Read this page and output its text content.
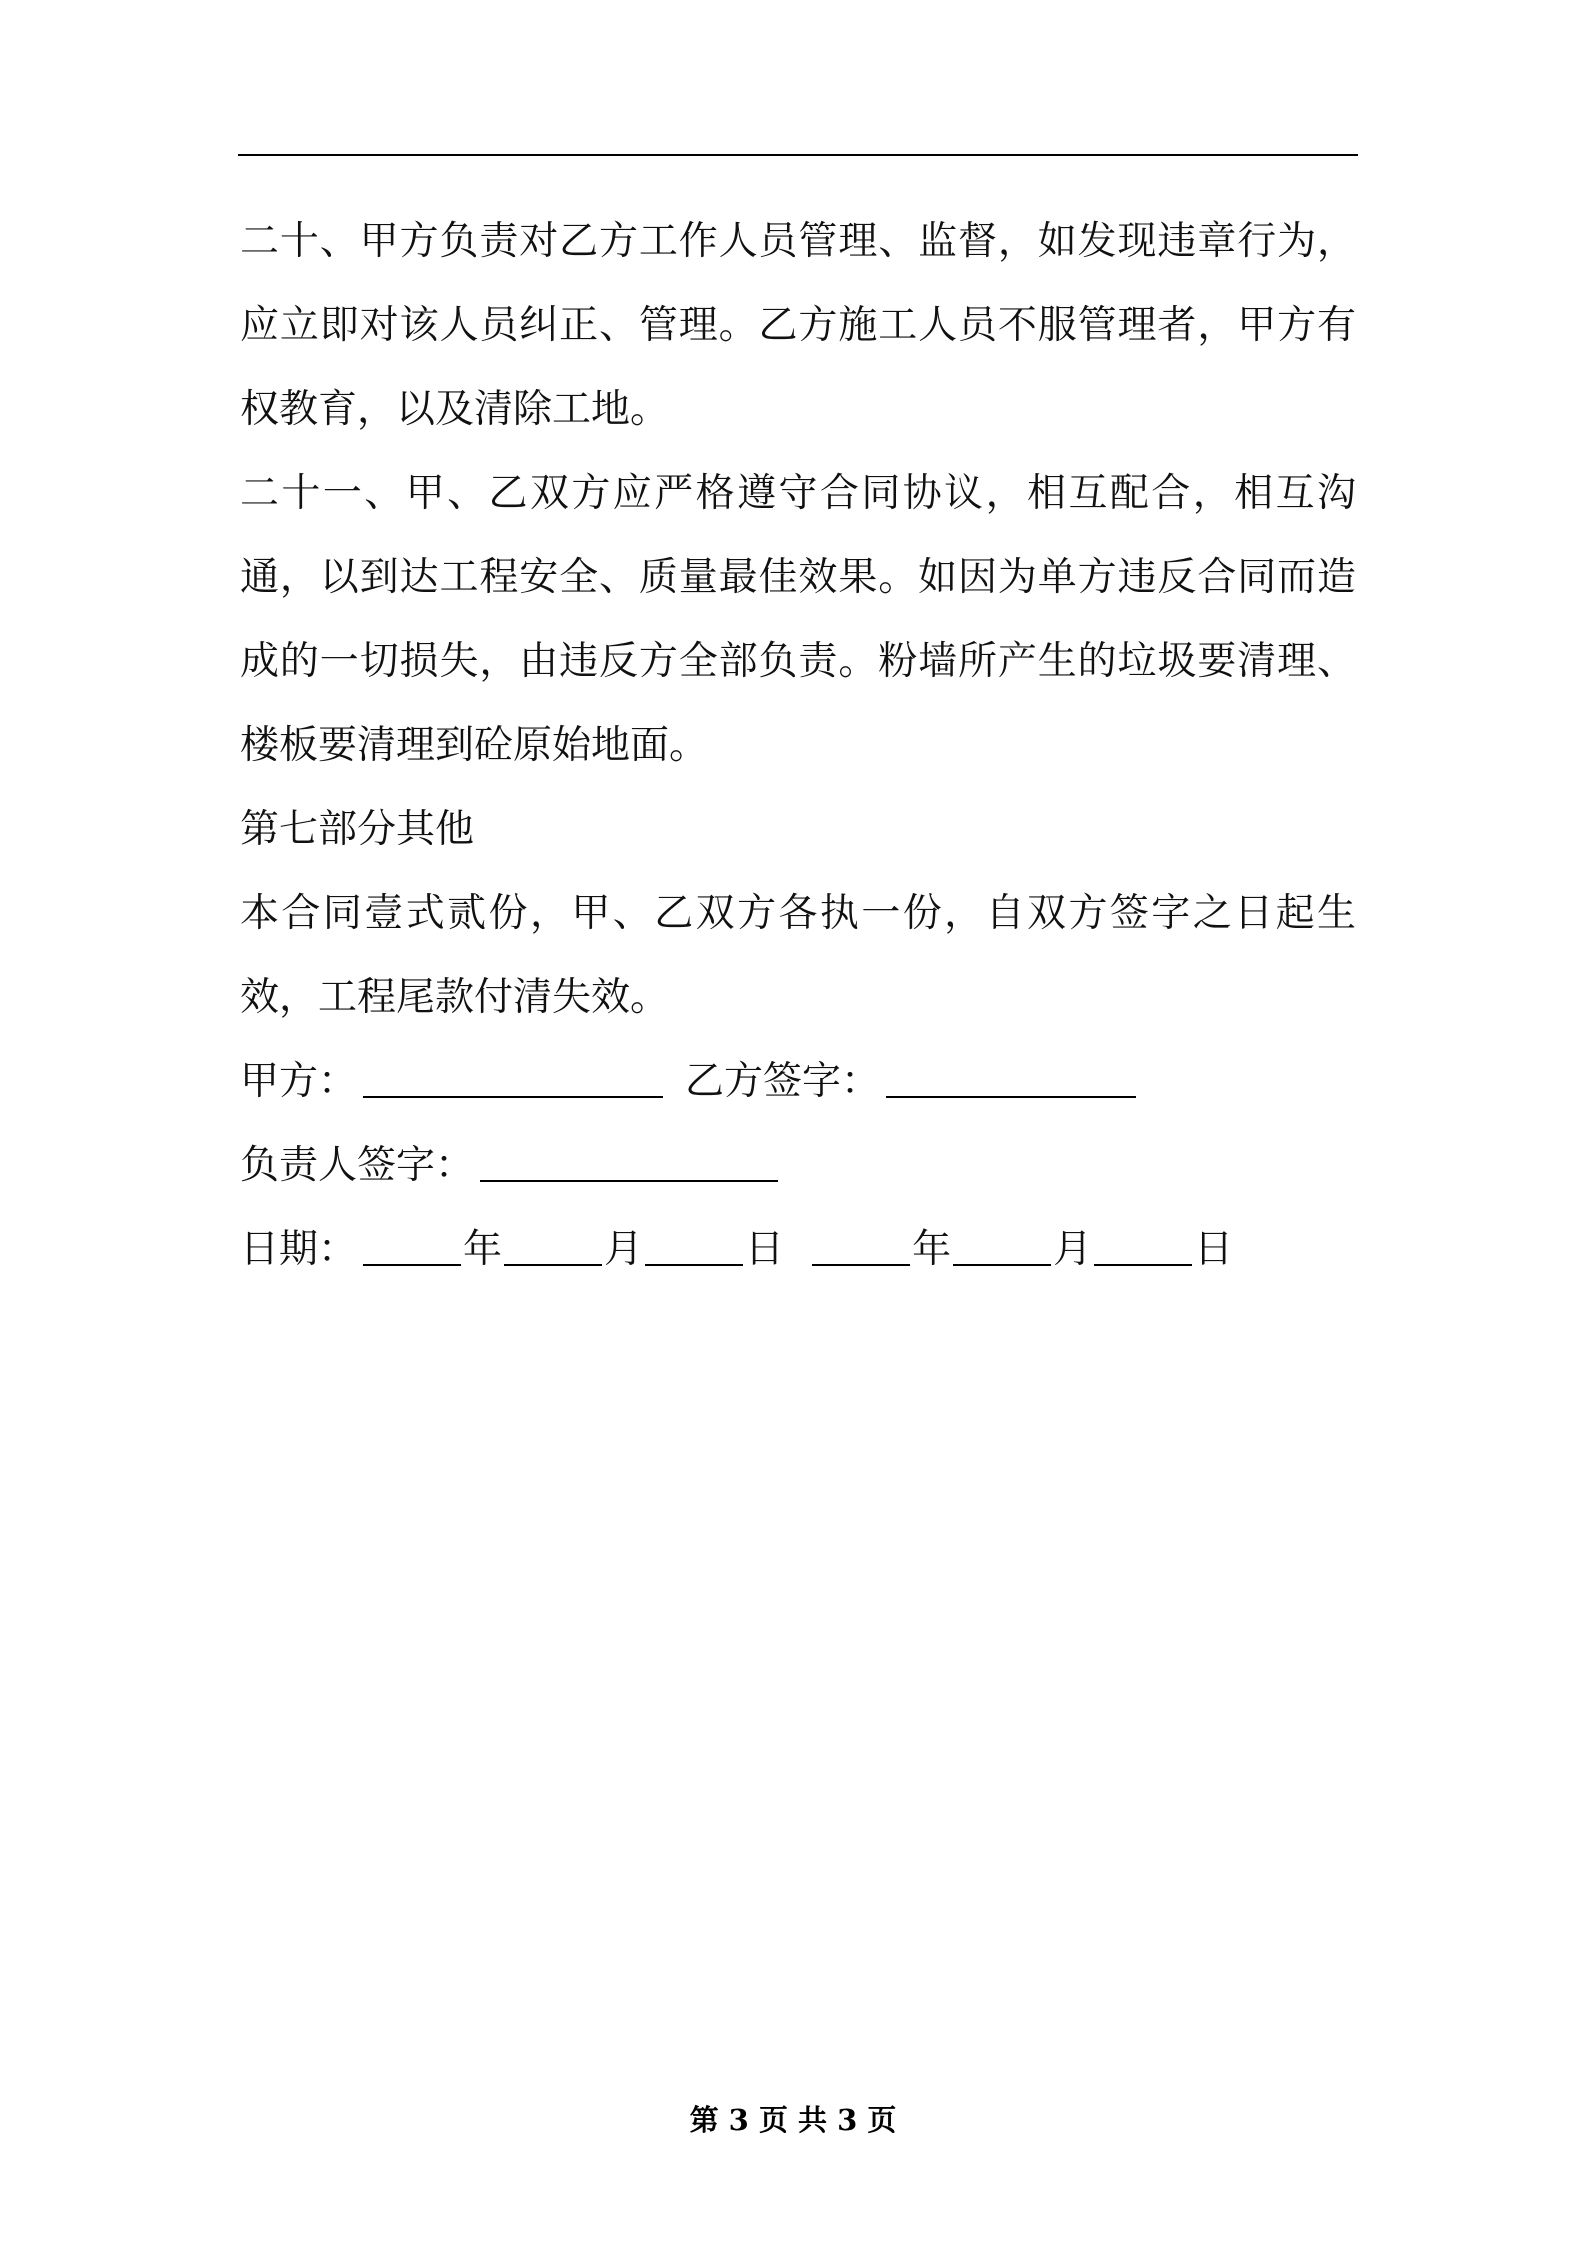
二十、甲方负责对乙方工作人员管理、监督，如发现违章行为，应立即对该人员纠正、管理。乙方施工人员不服管理者，甲方有权教育，以及清除工地。

二十一、甲、乙双方应严格遵守合同协议，相互配合，相互沟通，以到达工程安全、质量最佳效果。如因为单方违反合同而造成的一切损失，由违反方全部负责。粉墙所产生的垃圾要清理、楼板要清理到砼原始地面。

第七部分其他

本合同壹式贰份，甲、乙双方各执一份，自双方签字之日起生效，工程尾款付清失效。

甲方：	乙方签字：
负责人签字：
日期：	年	月	日	年	月	日
第 3 页 共 3 页
